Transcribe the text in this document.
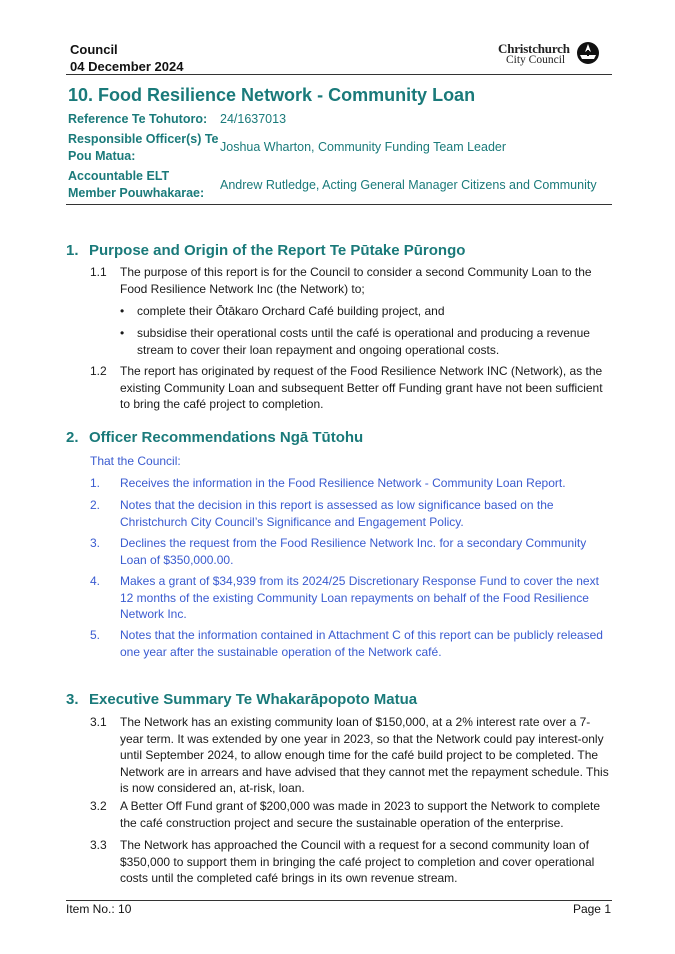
Council
04 December 2024
Christchurch
City Council
10. Food Resilience Network - Community Loan
Reference Te Tohutoro: 24/1637013
Responsible Officer(s) Te
Pou Matua:
Joshua Wharton, Community Funding Team Leader
Accountable ELT
Member Pouwhakarae:
Andrew Rutledge, Acting General Manager Citizens and Community
1. Purpose and Origin of the Report Te Pūtake Pūrongo
1.1 The purpose of this report is for the Council to consider a second Community Loan to the Food Resilience Network Inc (the Network) to;
• complete their Ōtākaro Orchard Café building project, and
• subsidise their operational costs until the café is operational and producing a revenue stream to cover their loan repayment and ongoing operational costs.
1.2 The report has originated by request of the Food Resilience Network INC (Network), as the existing Community Loan and subsequent Better off Funding grant have not been sufficient to bring the café project to completion.
2. Officer Recommendations Ngā Tūtohu
That the Council:
1. Receives the information in the Food Resilience Network - Community Loan Report.
2. Notes that the decision in this report is assessed as low significance based on the Christchurch City Council’s Significance and Engagement Policy.
3. Declines the request from the Food Resilience Network Inc. for a secondary Community Loan of $350,000.00.
4. Makes a grant of $34,939 from its 2024/25 Discretionary Response Fund to cover the next 12 months of the existing Community Loan repayments on behalf of the Food Resilience Network Inc.
5. Notes that the information contained in Attachment C of this report can be publicly released one year after the sustainable operation of the Network café.
3. Executive Summary Te Whakarāpopoto Matua
3.1 The Network has an existing community loan of $150,000, at a 2% interest rate over a 7-year term. It was extended by one year in 2023, so that the Network could pay interest-only until September 2024, to allow enough time for the café build project to be completed. The Network are in arrears and have advised that they cannot met the repayment schedule. This is now considered an, at-risk, loan.
3.2 A Better Off Fund grant of $200,000 was made in 2023 to support the Network to complete the café construction project and secure the sustainable operation of the enterprise.
3.3 The Network has approached the Council with a request for a second community loan of $350,000 to support them in bringing the café project to completion and cover operational costs until the completed café brings in its own revenue stream.
Item No.: 10	Page 1
